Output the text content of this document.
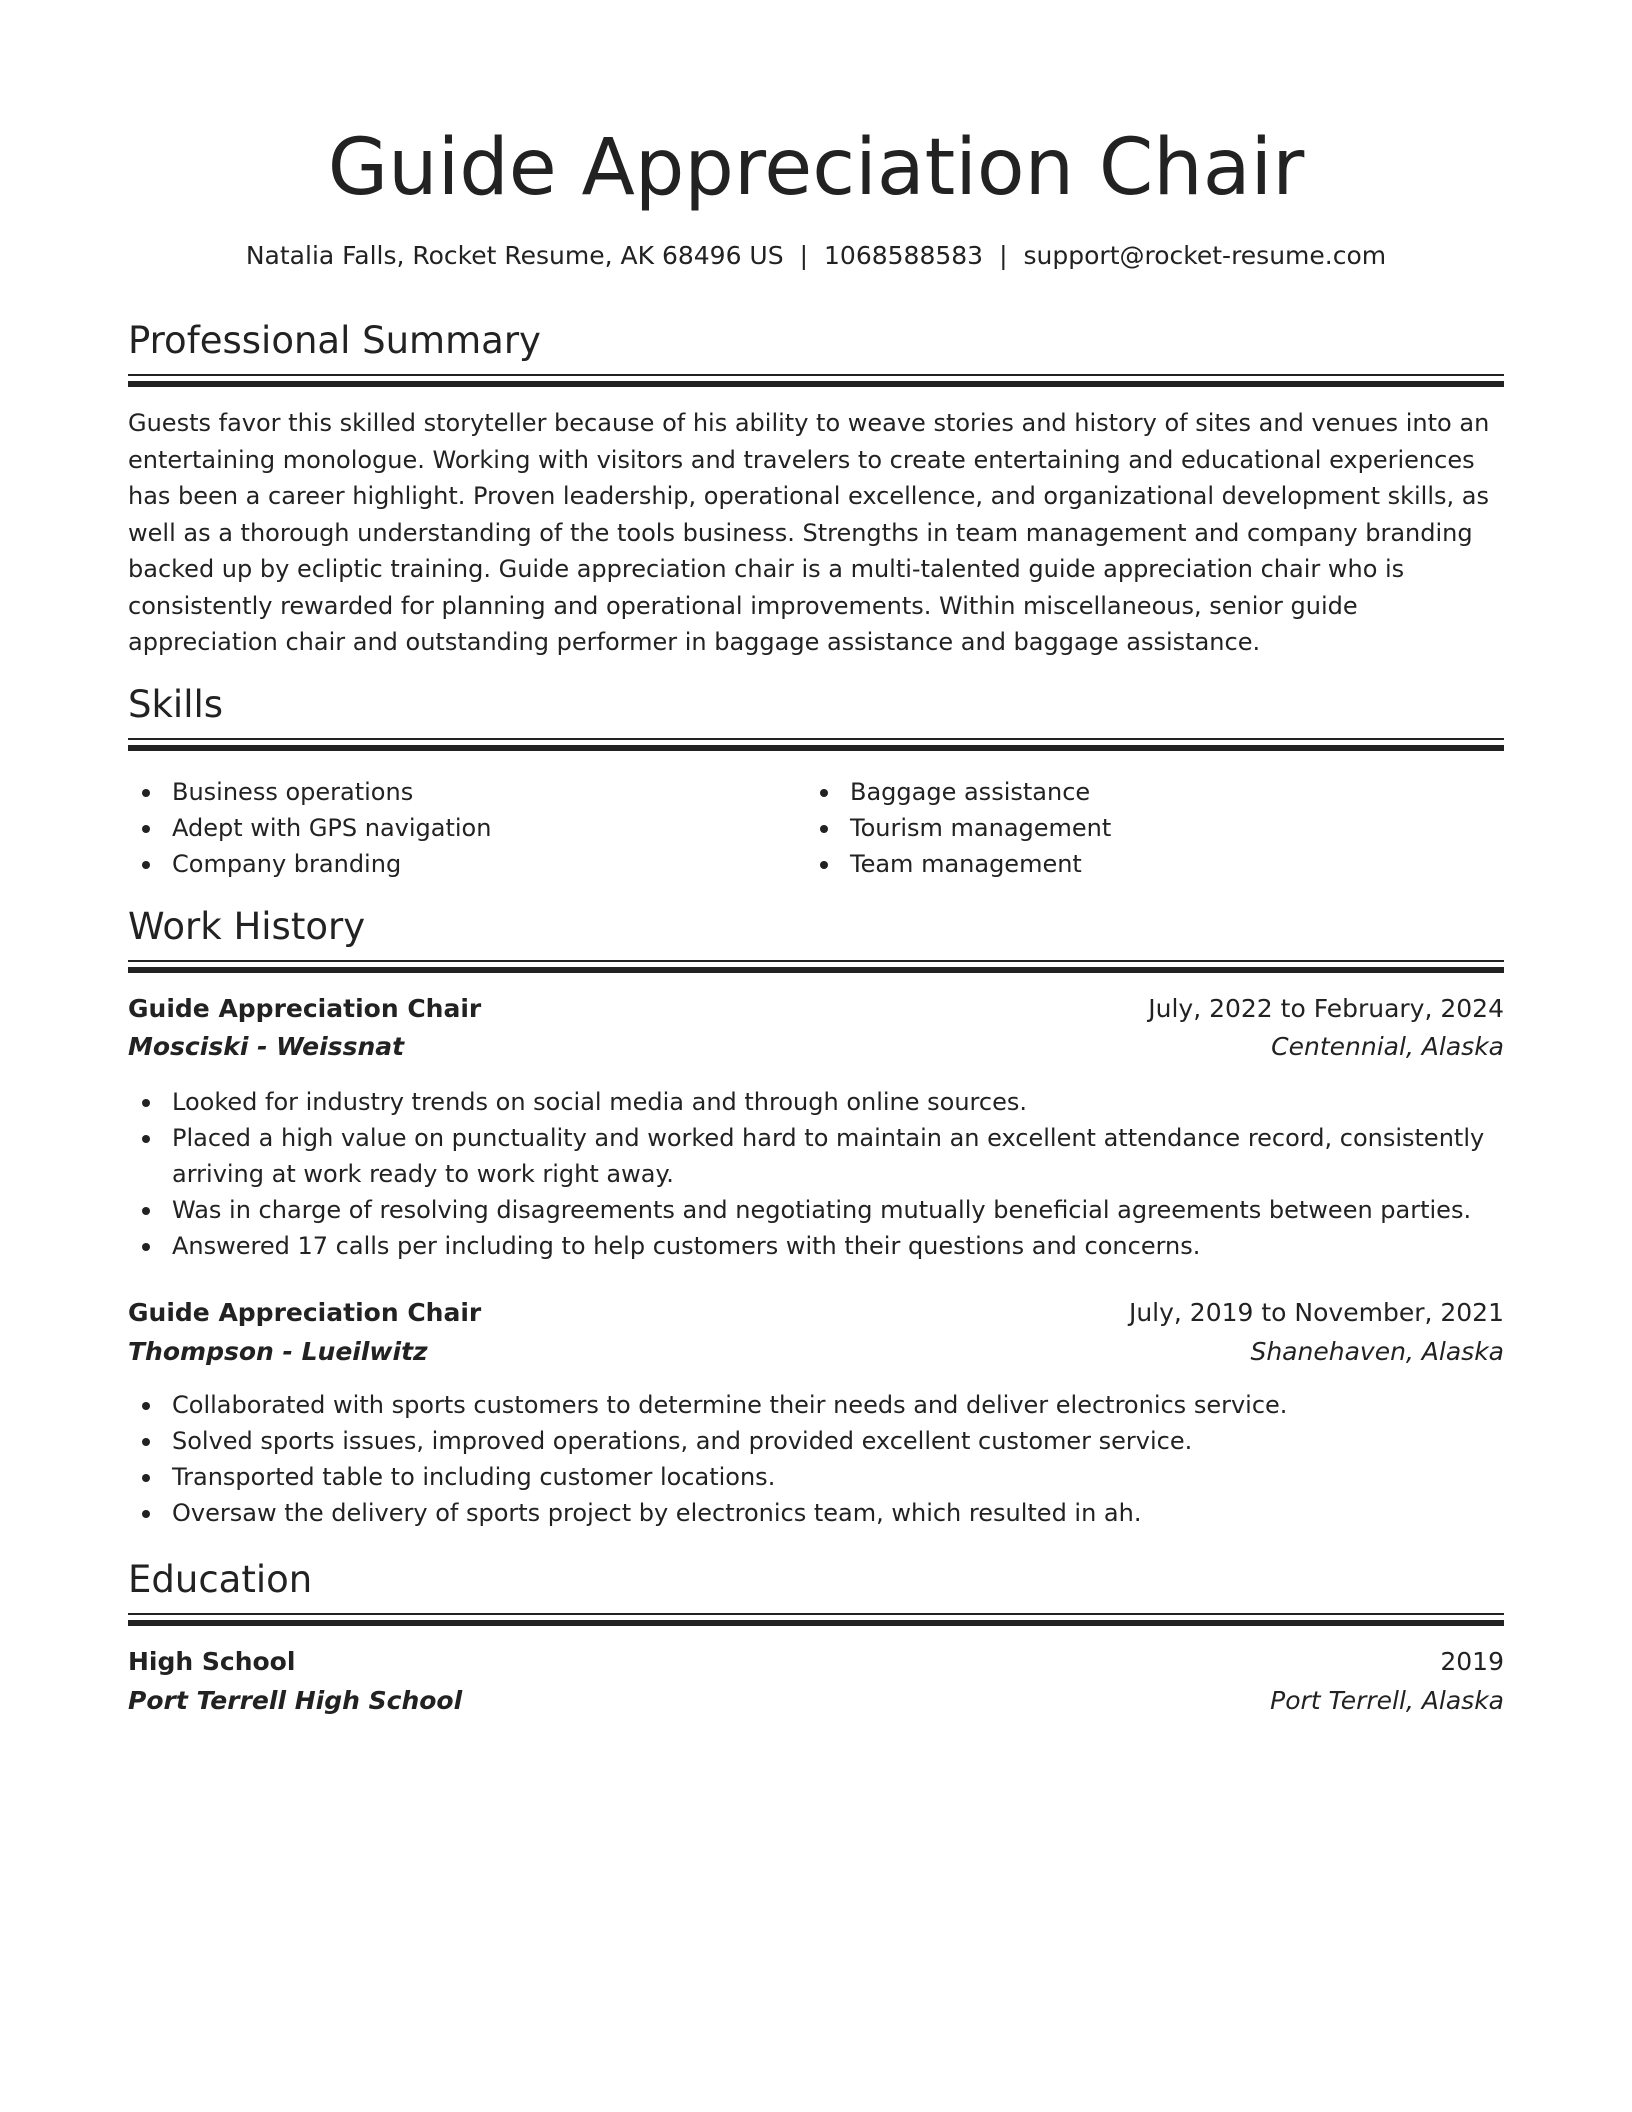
Guide Appreciation Chair
Natalia Falls, Rocket Resume, AK 68496 US | 1068588583 | support@rocket-resume.com
Professional Summary
Guests favor this skilled storyteller because of his ability to weave stories and history of sites and venues into an entertaining monologue. Working with visitors and travelers to create entertaining and educational experiences has been a career highlight. Proven leadership, operational excellence, and organizational development skills, as well as a thorough understanding of the tools business. Strengths in team management and company branding backed up by ecliptic training. Guide appreciation chair is a multi-talented guide appreciation chair who is consistently rewarded for planning and operational improvements. Within miscellaneous, senior guide appreciation chair and outstanding performer in baggage assistance and baggage assistance.
Skills
Business operations
Adept with GPS navigation
Company branding
Baggage assistance
Tourism management
Team management
Work History
Guide Appreciation Chair	July, 2022 to February, 2024
Mosciski - Weissnat	Centennial, Alaska
Looked for industry trends on social media and through online sources.
Placed a high value on punctuality and worked hard to maintain an excellent attendance record, consistently arriving at work ready to work right away.
Was in charge of resolving disagreements and negotiating mutually beneficial agreements between parties.
Answered 17 calls per including to help customers with their questions and concerns.
Guide Appreciation Chair	July, 2019 to November, 2021
Thompson - Lueilwitz	Shanehaven, Alaska
Collaborated with sports customers to determine their needs and deliver electronics service.
Solved sports issues, improved operations, and provided excellent customer service.
Transported table to including customer locations.
Oversaw the delivery of sports project by electronics team, which resulted in ah.
Education
High School	2019
Port Terrell High School	Port Terrell, Alaska
